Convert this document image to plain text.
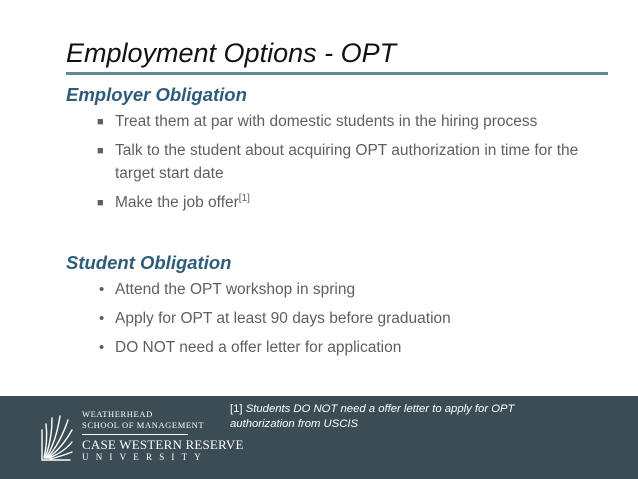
Employment Options - OPT
Employer Obligation
■ Treat them at par with domestic students in the hiring process
■ Talk to the student about acquiring OPT authorization in time for the target start date
■ Make the job offer[1]
Student Obligation
• Attend the OPT workshop in spring
• Apply for OPT at least 90 days before graduation
• DO NOT need a offer letter for application
[1] Students DO NOT need a offer letter to apply for OPT authorization from USCIS
WEATHERHEAD
SCHOOL OF MANAGEMENT
CASE WESTERN RESERVE
UNIVERSITY
